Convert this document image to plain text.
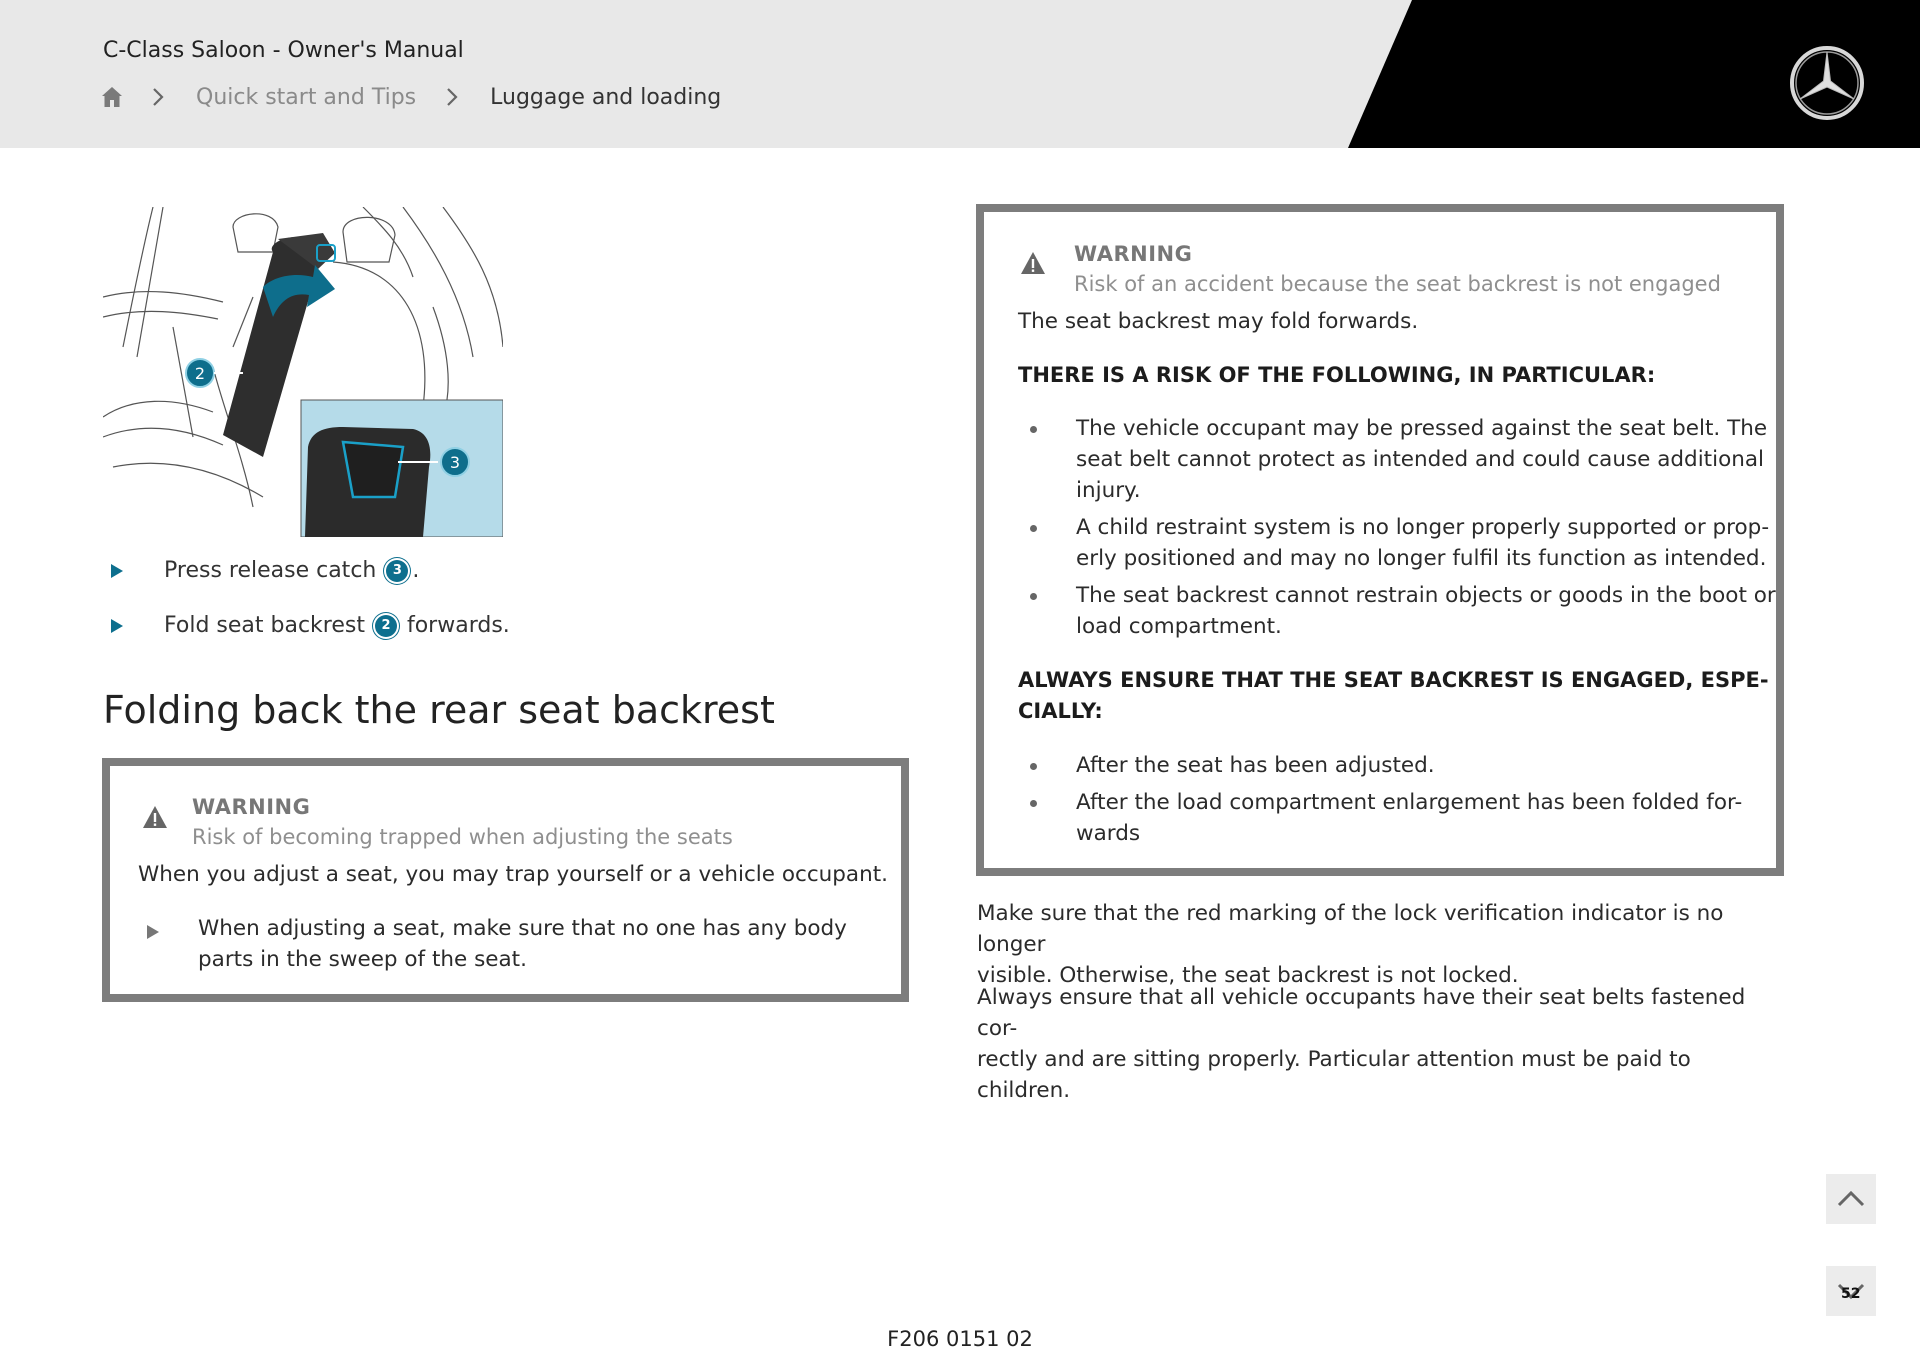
C-Class Saloon - Owner's Manual
Quick start and Tips	Luggage and loading
2
3
Press release catch	3 .
Fold seat backrest	2 forwards.
Folding back the rear seat backrest
WARNING
Risk of becoming trapped when adjusting the seats
When you adjust a seat, you may trap yourself or a vehicle occupant.
When adjusting a seat, make sure that no one has any body
parts in the sweep of the seat.
WARNING
Risk of an accident because the seat backrest is not engaged
The seat backrest may fold forwards.
THERE IS A RISK OF THE FOLLOWING, IN PARTICULAR:
The vehicle occupant may be pressed against the seat belt. The
seat belt cannot protect as intended and could cause additional
injury.
A child restraint system is no longer properly supported or prop-
erly positioned and may no longer fulfil its function as intended.
The seat backrest cannot restrain objects or goods in the boot or
load compartment.
ALWAYS ENSURE THAT THE SEAT BACKREST IS ENGAGED, ESPE-
CIALLY:
After the seat has been adjusted.
After the load compartment enlargement has been folded for-
wards
Make sure that the red marking of the lock verification indicator is no longer
visible. Otherwise, the seat backrest is not locked.
Always ensure that all vehicle occupants have their seat belts fastened cor-
rectly and are sitting properly. Particular attention must be paid to children.
52
F206 0151 02
